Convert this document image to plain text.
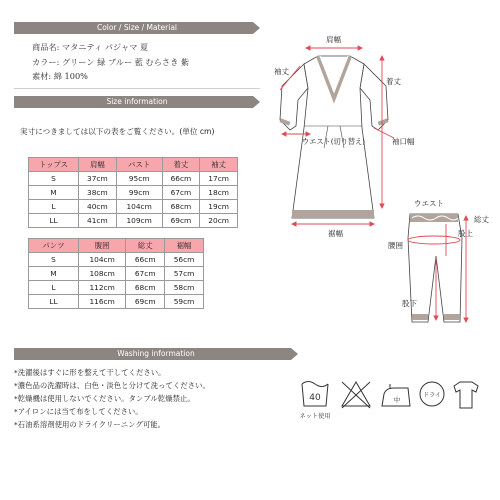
Color / Size / Material
商品名: マタニティ パジャマ 夏
カラー: グリーン 緑 ブルー 藍 むらさき 紫
素材: 綿 100%
Size information
実寸につきましては以下の表をご覧ください。(単位 cm)
トップス	肩幅	バスト	着丈	袖丈
S	37cm	95cm	66cm	17cm
M	38cm	99cm	67cm	18cm
L	40cm	104cm	68cm	19cm
LL	41cm	109cm	69cm	20cm
パンツ	腹囲	総丈	裾幅
S	104cm	66cm	56cm
M	108cm	67cm	57cm
L	112cm	68cm	58cm
LL	116cm	69cm	59cm
肩幅
袖丈
着丈
ウエスト(切り替え)	袖口幅
裾幅
ウエスト
総丈
股上
腰囲
股下
Washing information
*洗濯後はすぐに形を整えて干してください。
*濃色品の洗濯時は、白色・淡色と分けて洗ってください。
*乾燥機は使用しないでください。タンブル乾燥禁止。
*アイロンには当て布をしてください。
*石油系溶剤使用のドライクリーニング可能。
40
ネット使用
中
ドライ
